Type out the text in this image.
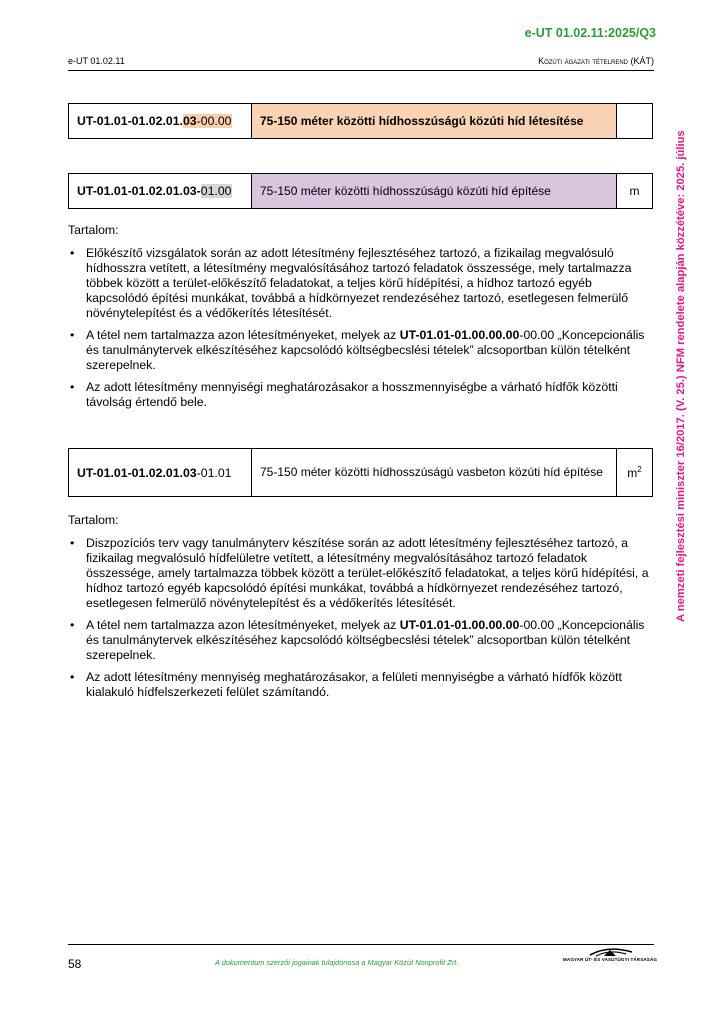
e-UT 01.02.11:2025/Q3
e-UT 01.02.11	Közúti ágazati tételrend (KÁT)
A nemzeti fejlesztési miniszter 16/2017. (V. 25.) NFM rendelete alapján közzétéve: 2025. július
UT-01.01-01.02.01.03-00.00	75-150 méter közötti hídhosszúságú közúti híd létesítése	
UT-01.01-01.02.01.03-01.00	75-150 méter közötti hídhosszúságú közúti híd építése	m

Tartalom:

• Előkészítő vizsgálatok során az adott létesítmény fejlesztéséhez tartozó, a fizikailag megvalósuló hídhosszra vetített, a létesítmény megvalósításához tartozó feladatok összessége, mely tartalmazza többek között a terület-előkészítő feladatokat, a teljes körű hídépítési, a hídhoz tartozó egyéb kapcsolódó építési munkákat, továbbá a hídkörnyezet rendezéséhez tartozó, esetlegesen felmerülő növénytelepítést és a védőkerítés létesítését.
• A tétel nem tartalmazza azon létesítményeket, melyek az UT-01.01-01.00.00.00-00.00 „Koncepcionális és tanulmánytervek elkészítéséhez kapcsolódó költségbecslési tételek” alcsoportban külön tételként szerepelnek.
• Az adott létesítmény mennyiségi meghatározásakor a hosszmennyiségbe a várható hídfők közötti távolság értendő bele.
UT-01.01-01.02.01.03-01.01	75-150 méter közötti hídhosszúságú vasbeton közúti híd építése	$m^2$

Tartalom:

• Diszpozíciós terv vagy tanulmányterv készítése során az adott létesítmény fejlesztéséhez tartozó, a fizikailag megvalósuló hídfelületre vetített, a létesítmény megvalósításához tartozó feladatok összessége, amely tartalmazza többek között a terület-előkészítő feladatokat, a teljes körű hídépítési, a hídhoz tartozó egyéb kapcsolódó építési munkákat, továbbá a hídkörnyezet rendezéséhez tartozó, esetlegesen felmerülő növénytelepítést és a védőkerítés létesítését.
• A tétel nem tartalmazza azon létesítményeket, melyek az UT-01.01-01.00.00.00-00.00 „Koncepcionális és tanulmánytervek elkészítéséhez kapcsolódó költségbecslési tételek” alcsoportban külön tételként szerepelnek.
• Az adott létesítmény mennyiség meghatározásakor, a felületi mennyiségbe a várható hídfők között kialakuló hídfelszerkezeti felület számítandó.
58	A dokumentum szerzői jogainak tulajdonosa a Magyar Közút Nonprofit Zrt.	MAGYAR ÚT- ÉS VASÚTÜGYI TÁRSASÁG
